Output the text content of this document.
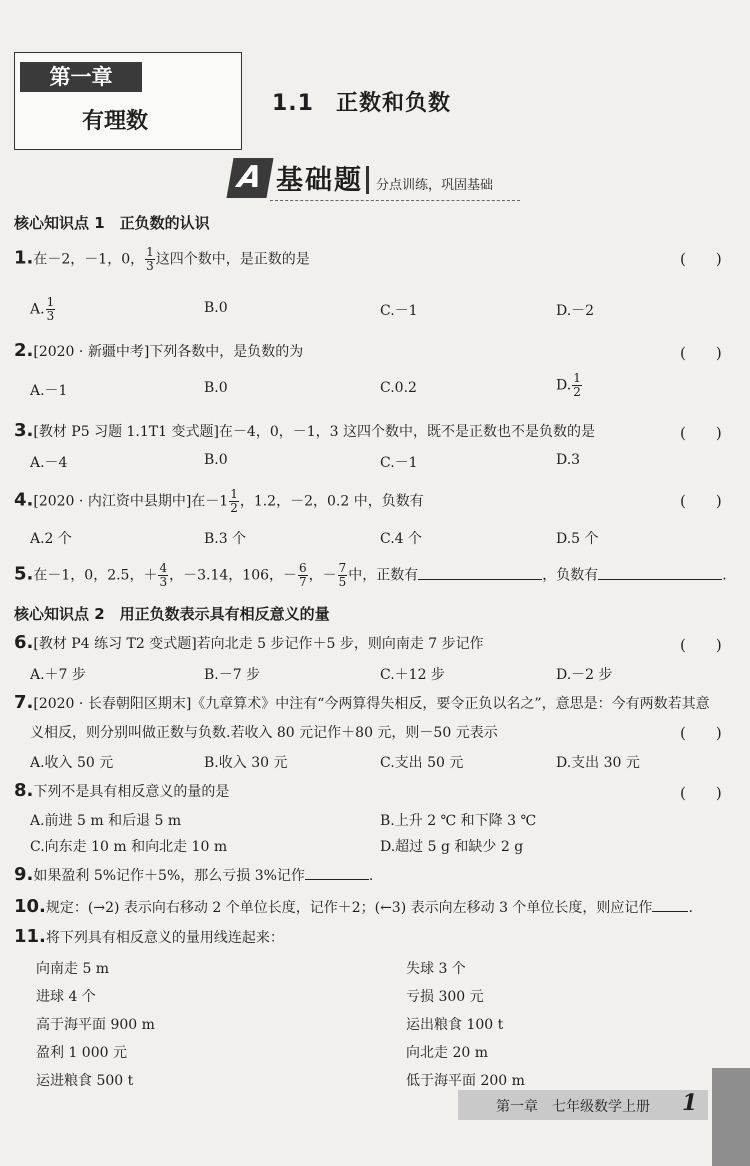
第一章
有理数
1.1 正数和负数
A 基础题 分点训练，巩固基础
核心知识点 1　正负数的认识
1.在－2，－1，0， $\frac{1}{3}$ 这四个数中，是正数的是	(　　)
A. $\frac{1}{3}$	B.0	C.－1	D.－2
2.[2020 · 新疆中考]下列各数中，是负数的为	(　　)
A.－1	B.0	C.0.2	D. $\frac{1}{2}$
3.[教材 P5 习题 1.1T1 变式题]在－4，0，－1，3 这四个数中，既不是正数也不是负数的是	(　　)
A.－4	B.0	C.－1	D.3
4.[2020 · 内江资中县期中]在$-1 \frac{1}{2}$ ，1.2，－2，0.2 中，负数有	(　　)
A.2 个	B.3 个	C.4 个	D.5 个
5.在－1，0，2.5，＋ $\frac{4}{3}$ ，－3.14，106，－ $\frac{6}{7}$ ，－ $\frac{7}{5}$ 中，正数有	，负数有	.
核心知识点 2　用正负数表示具有相反意义的量
6.[教材 P4 练习 T2 变式题]若向北走 5 步记作＋5 步，则向南走 7 步记作	(　　)
A.＋7 步	B.－7 步	C.＋12 步	D.－2 步
7.[2020 · 长春朝阳区期末]《九章算术》中注有“今两算得失相反，要令正负以名之”，意思是：今有两数若其意
义相反，则分别叫做正数与负数.若收入 80 元记作＋80 元，则－50 元表示	(　　)
A.收入 50 元	B.收入 30 元	C.支出 50 元	D.支出 30 元
8.下列不是具有相反意义的量的是	(　　)
A.前进 5 m 和后退 5 m	B.上升 2 ℃ 和下降 3 ℃
C.向东走 10 m 和向北走 10 m	D.超过 5 g 和缺少 2 g
9.如果盈利 5%记作＋5%，那么亏损 3%记作	.
10.规定：(→2) 表示向右移动 2 个单位长度，记作＋2；(←3) 表示向左移动 3 个单位长度，则应记作	.
11.将下列具有相反意义的量用线连起来：
向南走 5 m
进球 4 个
高于海平面 900 m
盈利 1 000 元
运进粮食 500 t
失球 3 个
亏损 300 元
运出粮食 100 t
向北走 20 m
低于海平面 200 m
第一章　七年级数学上册 1
